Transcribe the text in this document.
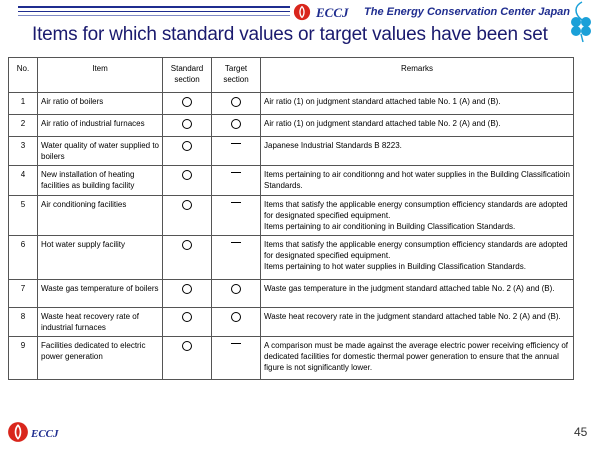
ECCJ The Energy Conservation Center Japan
Items for which standard values or target values have been set
No.	Item	Standard section	Target section	Remarks
1	Air ratio of boilers			Air ratio (1) on judgment standard attached table No. 1 (A) and (B).
2	Air ratio of industrial furnaces			Air ratio (1) on judgment standard attached table No. 2 (A) and (B).
3	Water quality of water supplied to boilers			Japanese Industrial Standards B 8223.
4	New installation of heating facilities as building facility			Items pertaining to air conditionng and hot water supplies in the Building Classificatioin Standards.
5	Air conditioning facilities			Items that satisfy the applicable energy consumption efficiency standards are adopted for designated specified equipment.
Items pertaining to air conditioning in Building Classification Standards.
6	Hot water supply facility			Items that satisfy the applicable energy consumption efficiency standards are adopted for designated specified equipment.
Items pertaining to hot water supplies in Building Classification Standards.
7	Waste gas temperature of boilers			Waste gas temperature in the judgment standard attached table No. 2 (A) and (B).
8	Waste heat recovery rate of industrial furnaces			Waste heat recovery rate in the judgment standard attached table No. 2 (A) and (B).
9	Facilities dedicated to electric power generation			A comparison must be made against the average electric power receiving efficiency of dedicated facilities for domestic thermal power generation to ensure that the annual figure is not significantly lower.
ECCJ	45
